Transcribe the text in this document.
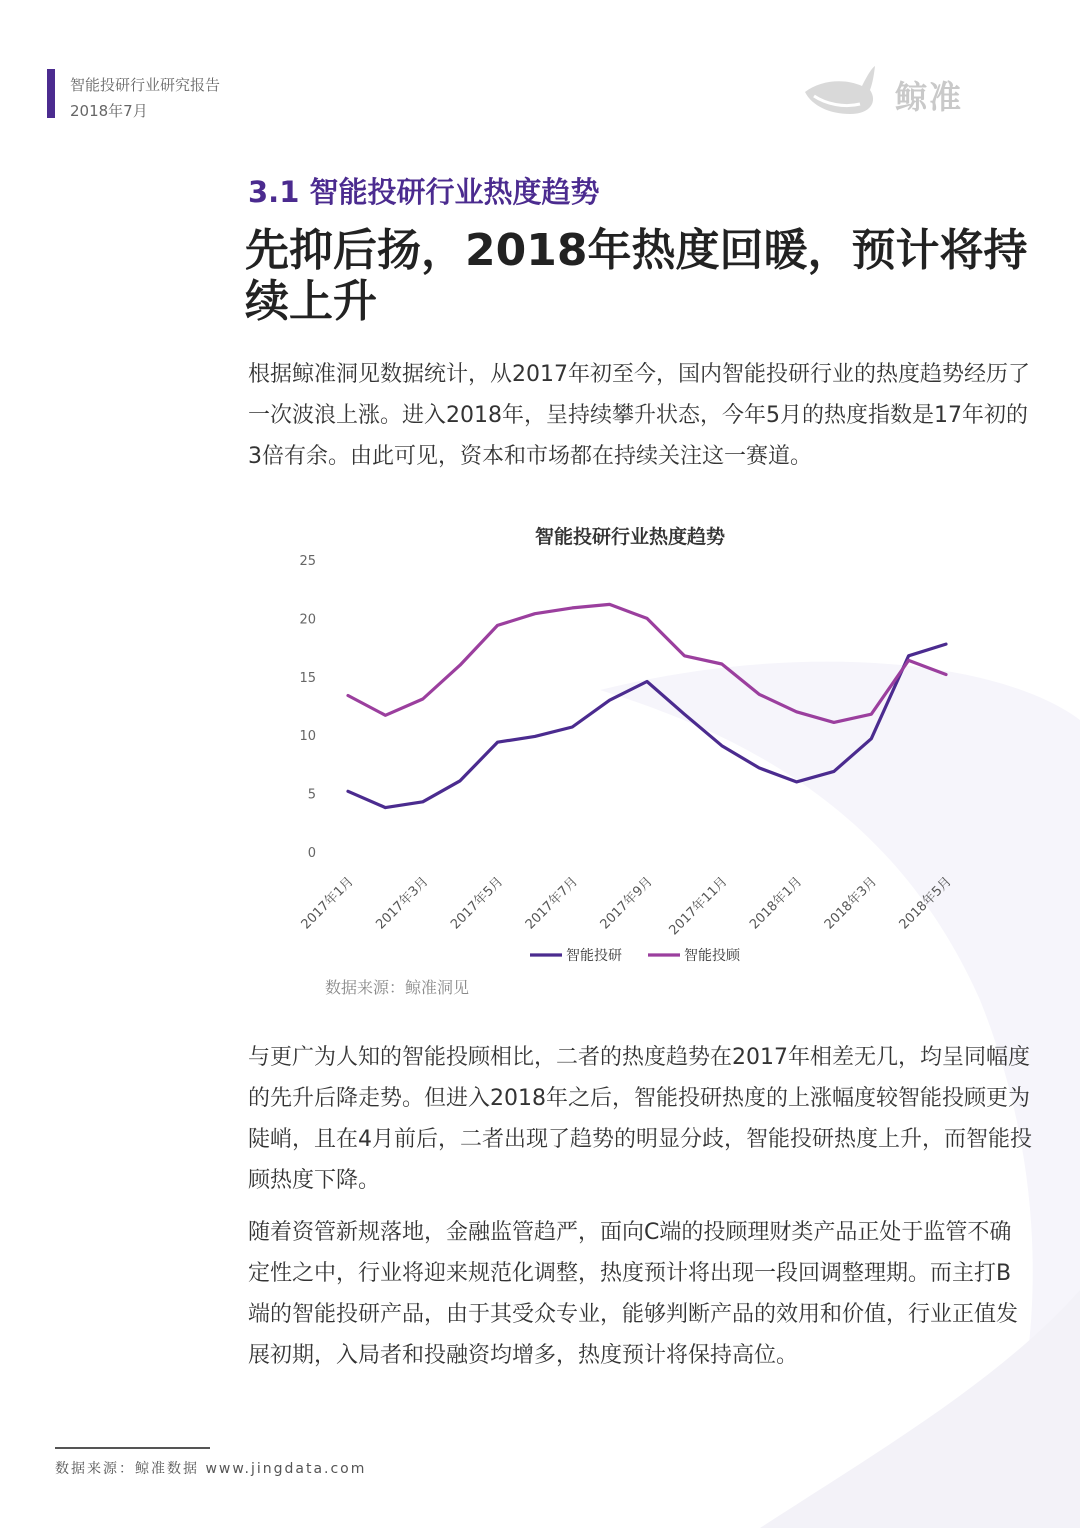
智能投研行业研究报告
2018年7月	鲸准
3.1 智能投研行业热度趋势
先抑后扬，2018年热度回暖，预计将持续上升
根据鲸准洞见数据统计，从2017年初至今，国内智能投研行业的热度趋势经历了一次波浪上涨。进入2018年，呈持续攀升状态，今年5月的热度指数是17年初的3倍有余。由此可见，资本和市场都在持续关注这一赛道。
智能投研行业热度趋势
0
5
10
15
20
25
2017年1月 2017年3月 2017年5月 2017年7月 2017年9月 2017年11月 2018年1月 2018年3月 2018年5月
智能投研	智能投顾
数据来源：鲸准洞见
与更广为人知的智能投顾相比，二者的热度趋势在2017年相差无几，均呈同幅度的先升后降走势。但进入2018年之后，智能投研热度的上涨幅度较智能投顾更为陡峭，且在4月前后，二者出现了趋势的明显分歧，智能投研热度上升，而智能投顾热度下降。
随着资管新规落地，金融监管趋严，面向C端的投顾理财类产品正处于监管不确定性之中，行业将迎来规范化调整，热度预计将出现一段回调整理期。而主打B端的智能投研产品，由于其受众专业，能够判断产品的效用和价值，行业正值发展初期，入局者和投融资均增多，热度预计将保持高位。
数据来源：鲸准数据 www.jingdata.com
